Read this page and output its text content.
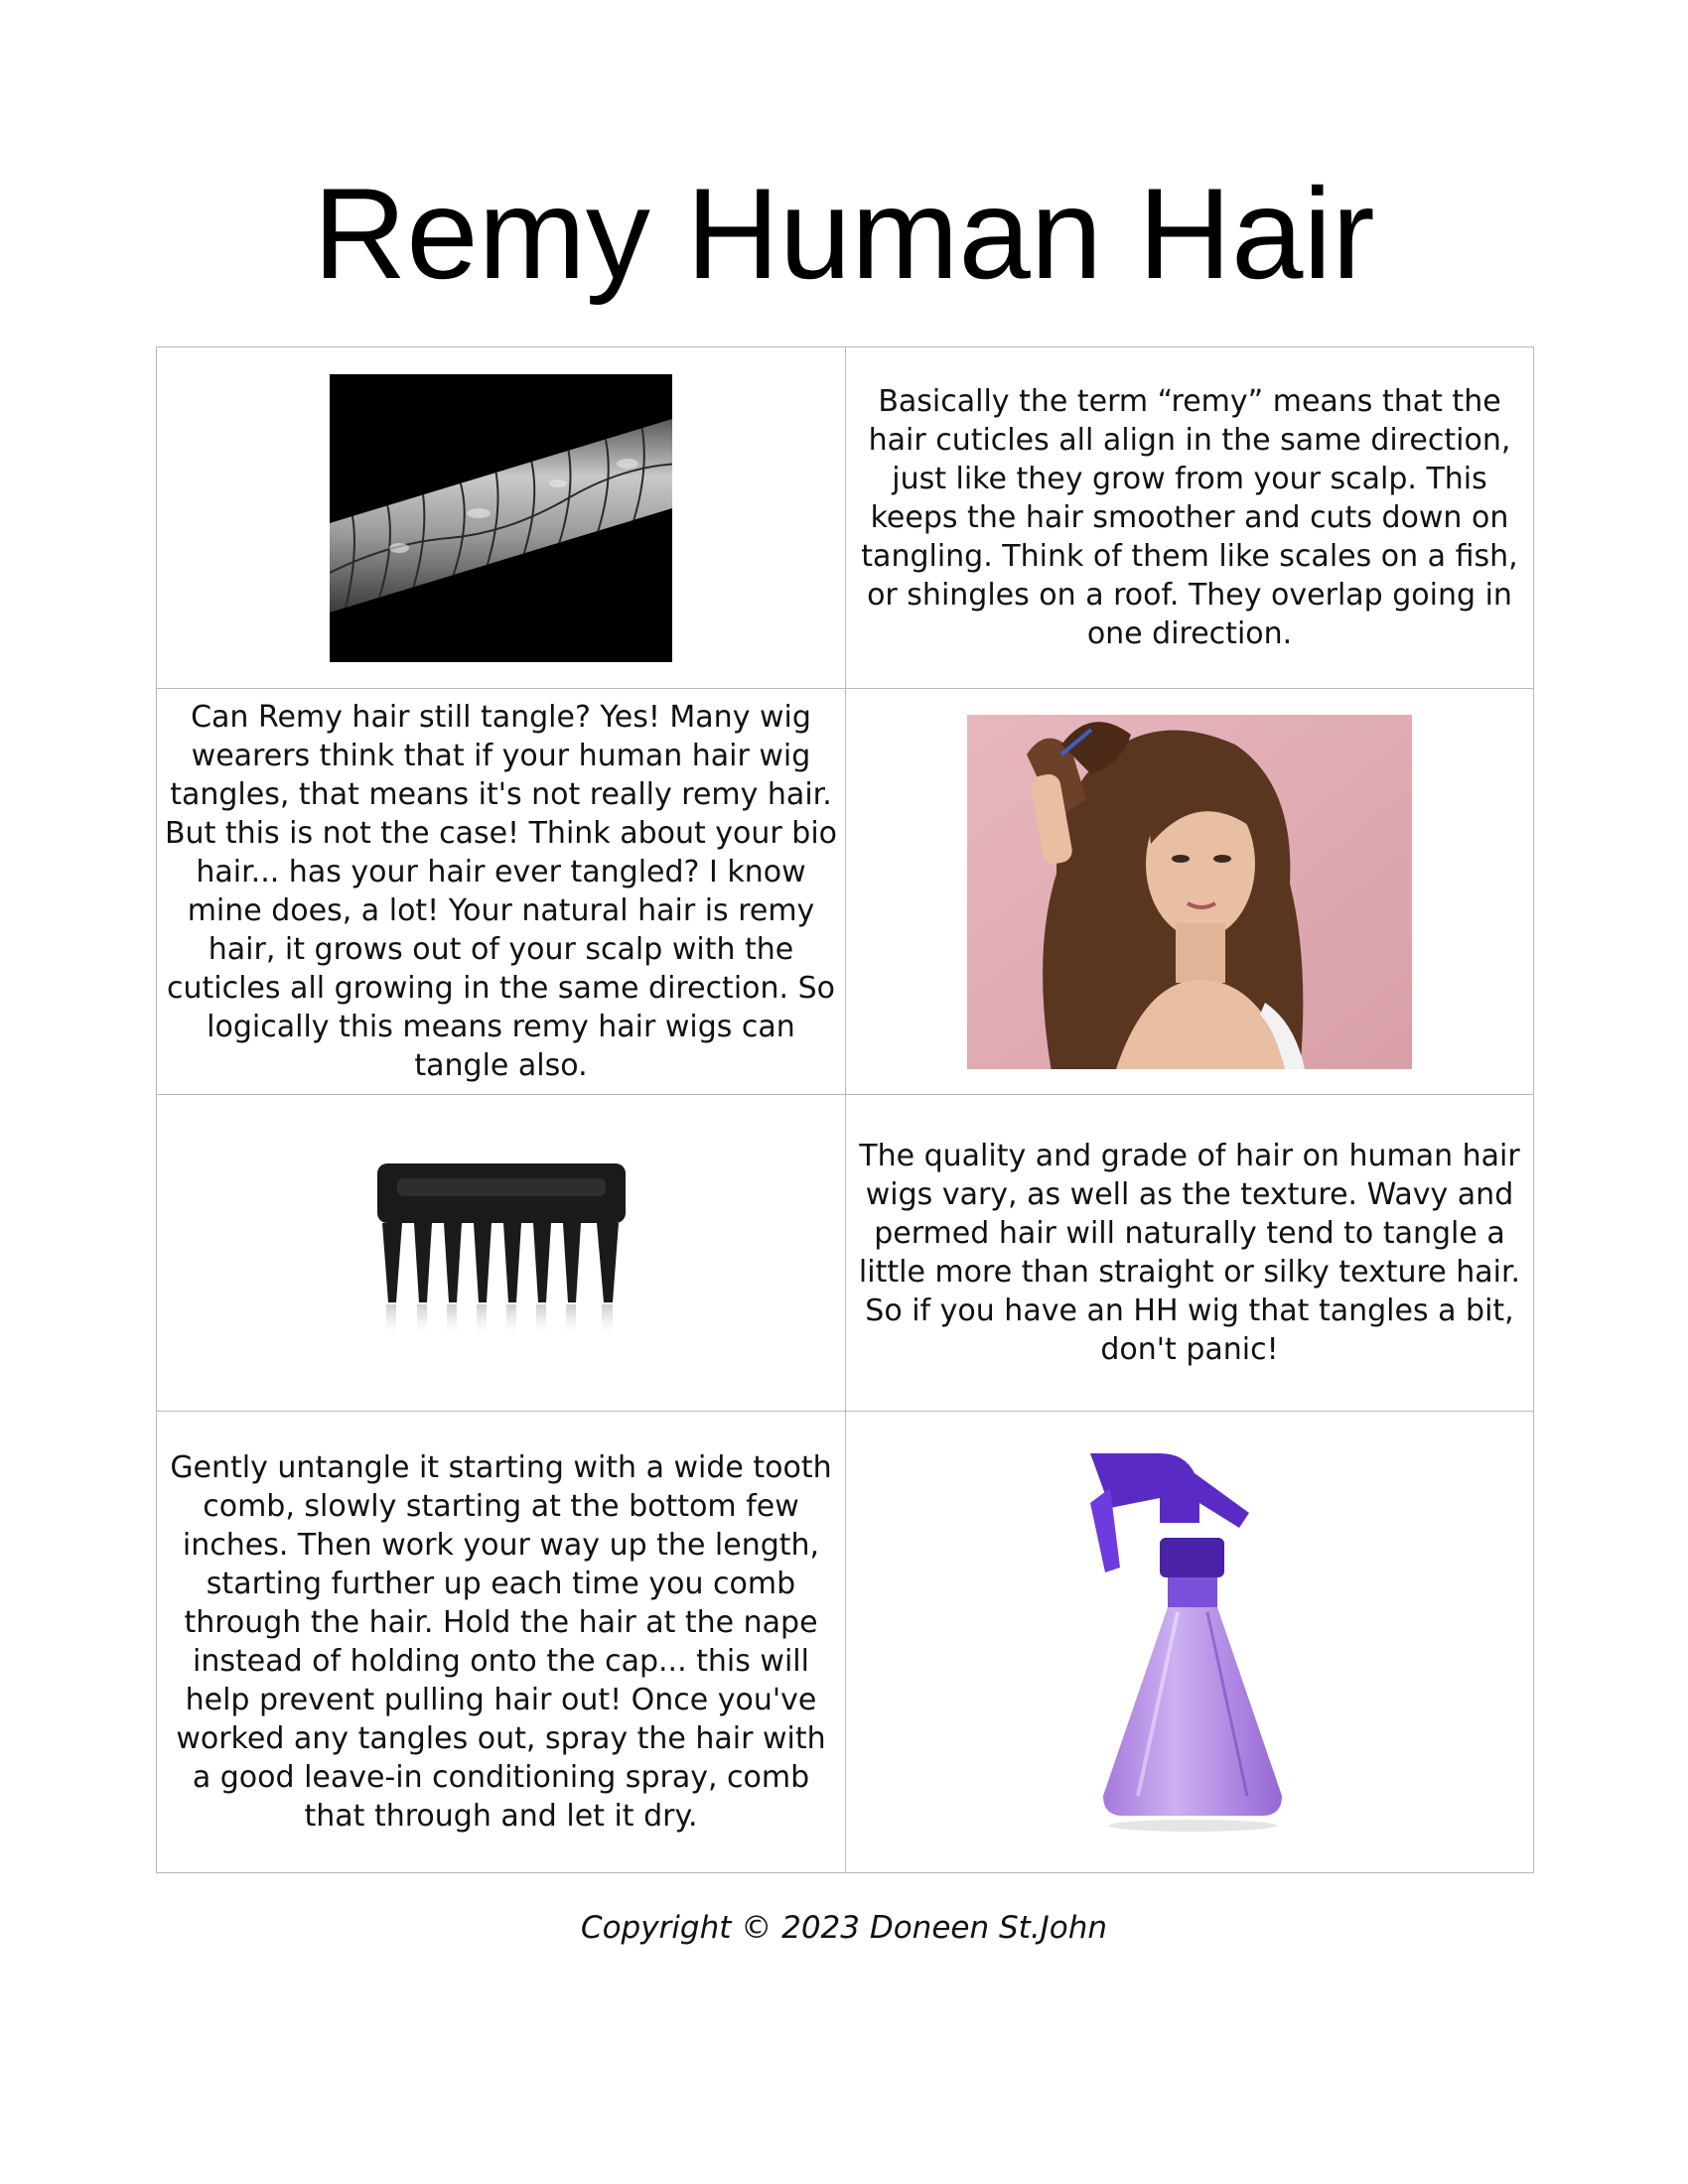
Remy Human Hair

Basically the term “remy” means that the hair cuticles all align in the same direction, just like they grow from your scalp. This keeps the hair smoother and cuts down on tangling. Think of them like scales on a fish, or shingles on a roof. They overlap going in one direction.

Can Remy hair still tangle? Yes! Many wig wearers think that if your human hair wig tangles, that means it's not really remy hair. But this is not the case! Think about your bio hair... has your hair ever tangled? I know mine does, a lot! Your natural hair is remy hair, it grows out of your scalp with the cuticles all growing in the same direction. So logically this means remy hair wigs can tangle also.

The quality and grade of hair on human hair wigs vary, as well as the texture. Wavy and permed hair will naturally tend to tangle a little more than straight or silky texture hair. So if you have an HH wig that tangles a bit, don't panic!

Gently untangle it starting with a wide tooth comb, slowly starting at the bottom few inches. Then work your way up the length, starting further up each time you comb through the hair. Hold the hair at the nape instead of holding onto the cap... this will help prevent pulling hair out! Once you've worked any tangles out, spray the hair with a good leave-in conditioning spray, comb that through and let it dry.

Copyright © 2023 Doneen St.John
